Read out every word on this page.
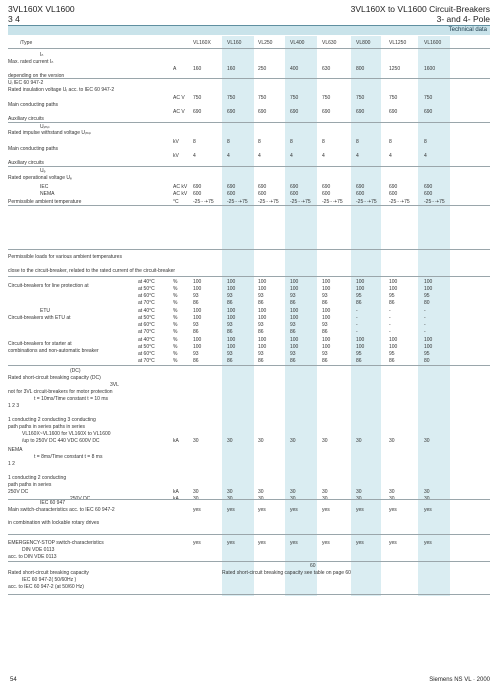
3VL160X VL1600
3 4
3VL160X to VL1600 Circuit-Breakers
3- and 4- Pole
Technical data
/Type	VL160X	VL160	VL250	VL400	VL630	VL800	VL1250	VL1600
Iₙ
Max. rated current Iₙ
A	160	160	250	400	630	800	1250	1600
depending on the version
Uᵢ IEC 60 947-2
Rated insulation voltage Uᵢ acc. to IEC 60 947-2
AC V 750	750	750	750	750	750	750	750
Main conducting paths
AC V 690	690	690	690	690	690	690	690
Auxiliary circuits
Uᵢₘₚ
Rated impulse withstand voltage Uᵢₘₚ
kV	8	8	8	8	8	8	8	8
Main conducting paths
kV	4	4	4	4	4	4	4	4
Auxiliary circuits
Uₑ
Rated operational voltage Uₑ
IEC	AC kV 690	690	690	690	690	690	690	690
NEMA	AC kV 600	600	600	600	600	600	600	600
Permissible ambient temperature	°C	-25···+75	-25···+75 -25···+75 -25···+75 -25···+75	-25···+75 -25···+75	-25···+75
Permissible loads for various ambient temperatures
close to the circuit-breaker, related to the rated current of the circuit-breaker
at 40°C	%	100	100	100	100	100	100	100	100
at 50°C	%	100	100	100	100	100	100	100	100
Circuit-breakers for line protection at
at 60°C	%	93	93	93	93	93	95	95	95
at 70°C	%	86	86	86	86	86	86	86	80
ETU	at 40°C	%	100	100	100	100	100	-	-	-
at 50°C	%	100	100	100	100	100	-	-	-
Circuit-breakers with ETU at
at 60°C	%	93	93	93	93	93	-	-	-
at 70°C	%	86	86	86	86	86	-	-	-
at 40°C	%	100	100	100	100	100	100	100	100
at 50°C	%	100	100	100	100	100	100	100	100
Circuit-breakers for starter at
at 60°C	%	93	93	93	93	93	95	95	95
combinations and non-automatic breaker
at 70°C	%	86	86	86	86	86	86	86	80
(DC)
Rated short-circuit breaking capacity (DC)
3VL
not for 3VL circuit-breakers for motor protection
t = 10ms/Time constant t = 10 ms
1 2 3
1 conducting 2 conducting 3 conducting
path paths in series paths in series
VL160X~VL1600 for VL160X to VL1600
/up to 250V DC 440 VDC 600V DC	kA	30	30	30	30	30	30	30	30
NEMA
t = 8ms/Time constant t = 8 ms
1 2
1 conducting 2 conducting
path paths in series
250V DC	kA	30	30	30	30	30	30	30	30
250V DC	kA	30	30	30	30	30	30	30	30
IEC 60 947
Main switch-characteristics acc. to IEC 60 947-2
in combination with lockable rotary drives
yes	yes	yes	yes	yes	yes	yes	yes
EMERGENCY-STOP switch-characteristics
DIN VDE 0113
acc. to DIN VDE 0113
yes	yes	yes	yes	yes	yes	yes	yes
60
Rated short-circuit breaking capacity
IEC 60 947-2( 50/60Hz )
acc. to IEC 60 947-2 (at 50/60 Hz)
Rated short-circuit breaking capacity see table on page 60
54	Siemens NS VL · 2000
